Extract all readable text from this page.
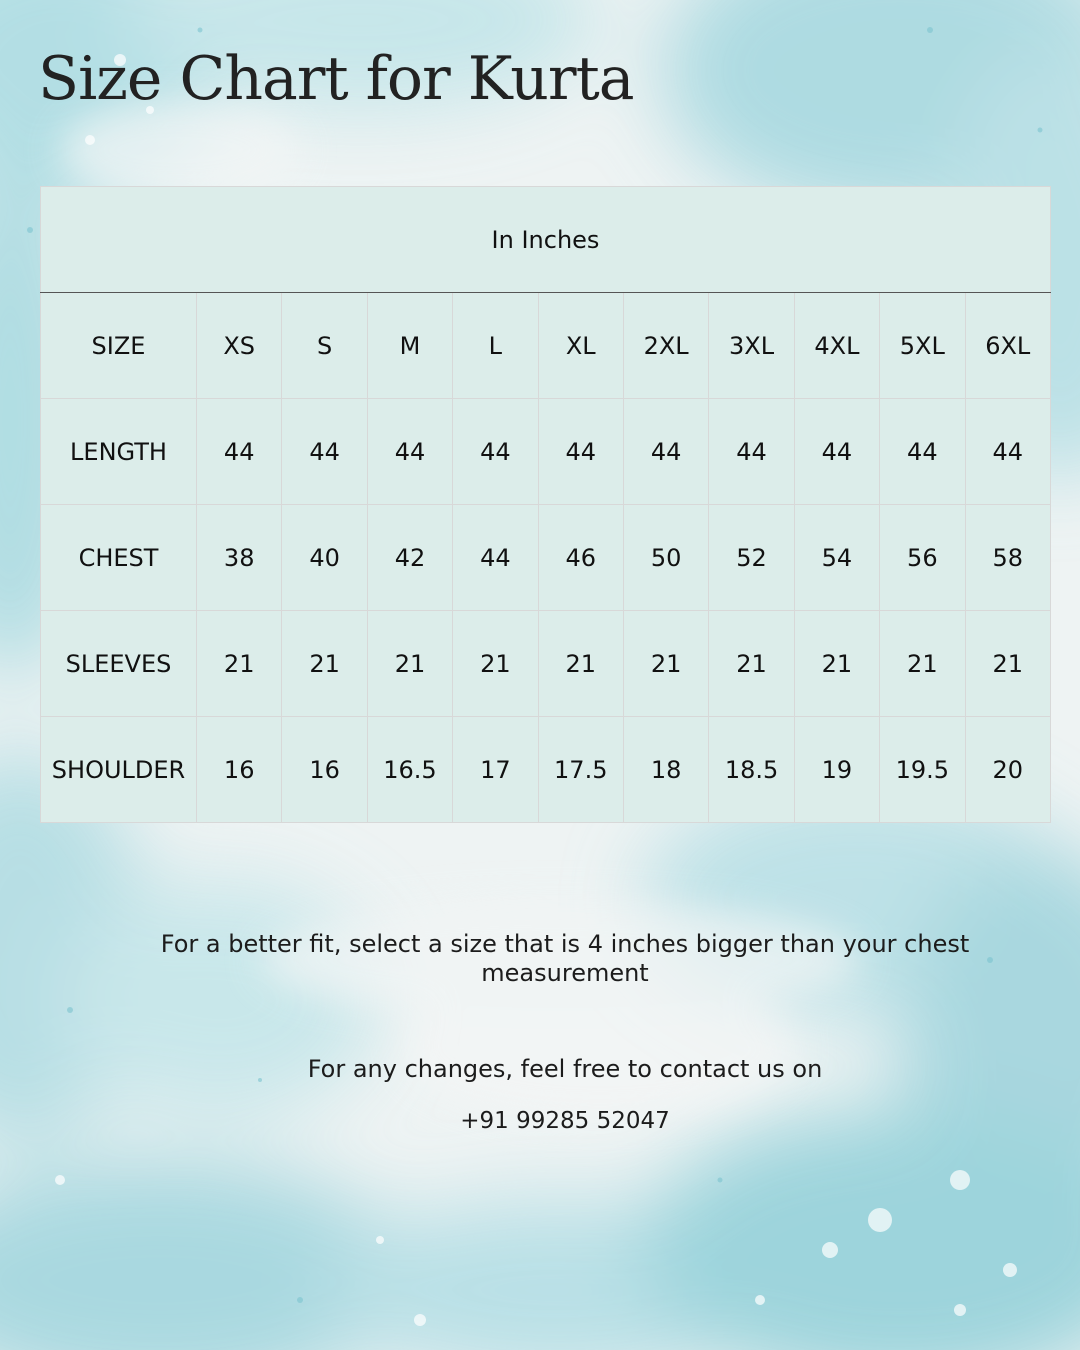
Size Chart for Kurta
In Inches										
SIZE	XS	S	M	L	XL	2XL	3XL	4XL	5XL	6XL
LENGTH	44	44	44	44	44	44	44	44	44	44
CHEST	38	40	42	44	46	50	52	54	56	58
SLEEVES	21	21	21	21	21	21	21	21	21	21
SHOULDER	16	16	16.5	17	17.5	18	18.5	19	19.5	20

For a better fit, select a size that is 4 inches bigger than your chest measurement

For any changes, feel free to contact us on

+91 99285 52047
